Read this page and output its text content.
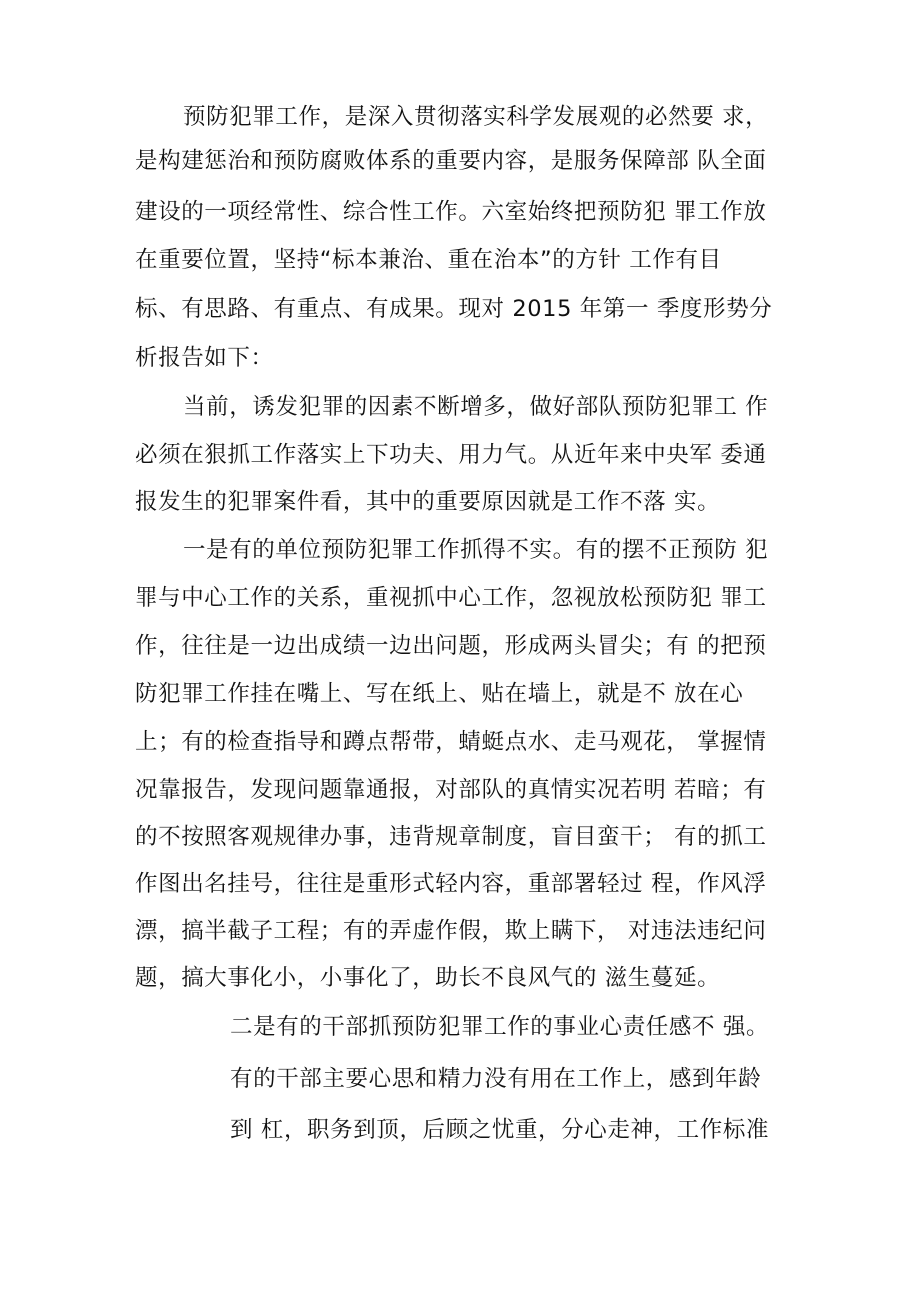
预防犯罪工作，是深入贯彻落实科学发展观的必然要 求，
是构建惩治和预防腐败体系的重要内容，是服务保障部 队全面
建设的一项经常性、综合性工作。六室始终把预防犯 罪工作放
在重要位置，坚持“标本兼治、重在治本”的方针 工作有目
标、有思路、有重点、有成果。现对 2015 年第一 季度形势分
析报告如下：
当前，诱发犯罪的因素不断增多，做好部队预防犯罪工 作
必须在狠抓工作落实上下功夫、用力气。从近年来中央军 委通
报发生的犯罪案件看，其中的重要原因就是工作不落 实。
一是有的单位预防犯罪工作抓得不实。有的摆不正预防 犯
罪与中心工作的关系，重视抓中心工作，忽视放松预防犯 罪工
作，往往是一边出成绩一边出问题，形成两头冒尖；有 的把预
防犯罪工作挂在嘴上、写在纸上、贴在墙上，就是不 放在心
上；有的检查指导和蹲点帮带，蜻蜓点水、走马观花， 掌握情
况靠报告，发现问题靠通报，对部队的真情实况若明 若暗；有
的不按照客观规律办事，违背规章制度，盲目蛮干； 有的抓工
作图出名挂号，往往是重形式轻内容，重部署轻过 程，作风浮
漂，搞半截子工程；有的弄虚作假，欺上瞒下， 对违法违纪问
题，搞大事化小，小事化了，助长不良风气的 滋生蔓延。
二是有的干部抓预防犯罪工作的事业心责任感不 强。
有的干部主要心思和精力没有用在工作上，感到年龄
到 杠，职务到顶，后顾之忧重，分心走神，工作标准
